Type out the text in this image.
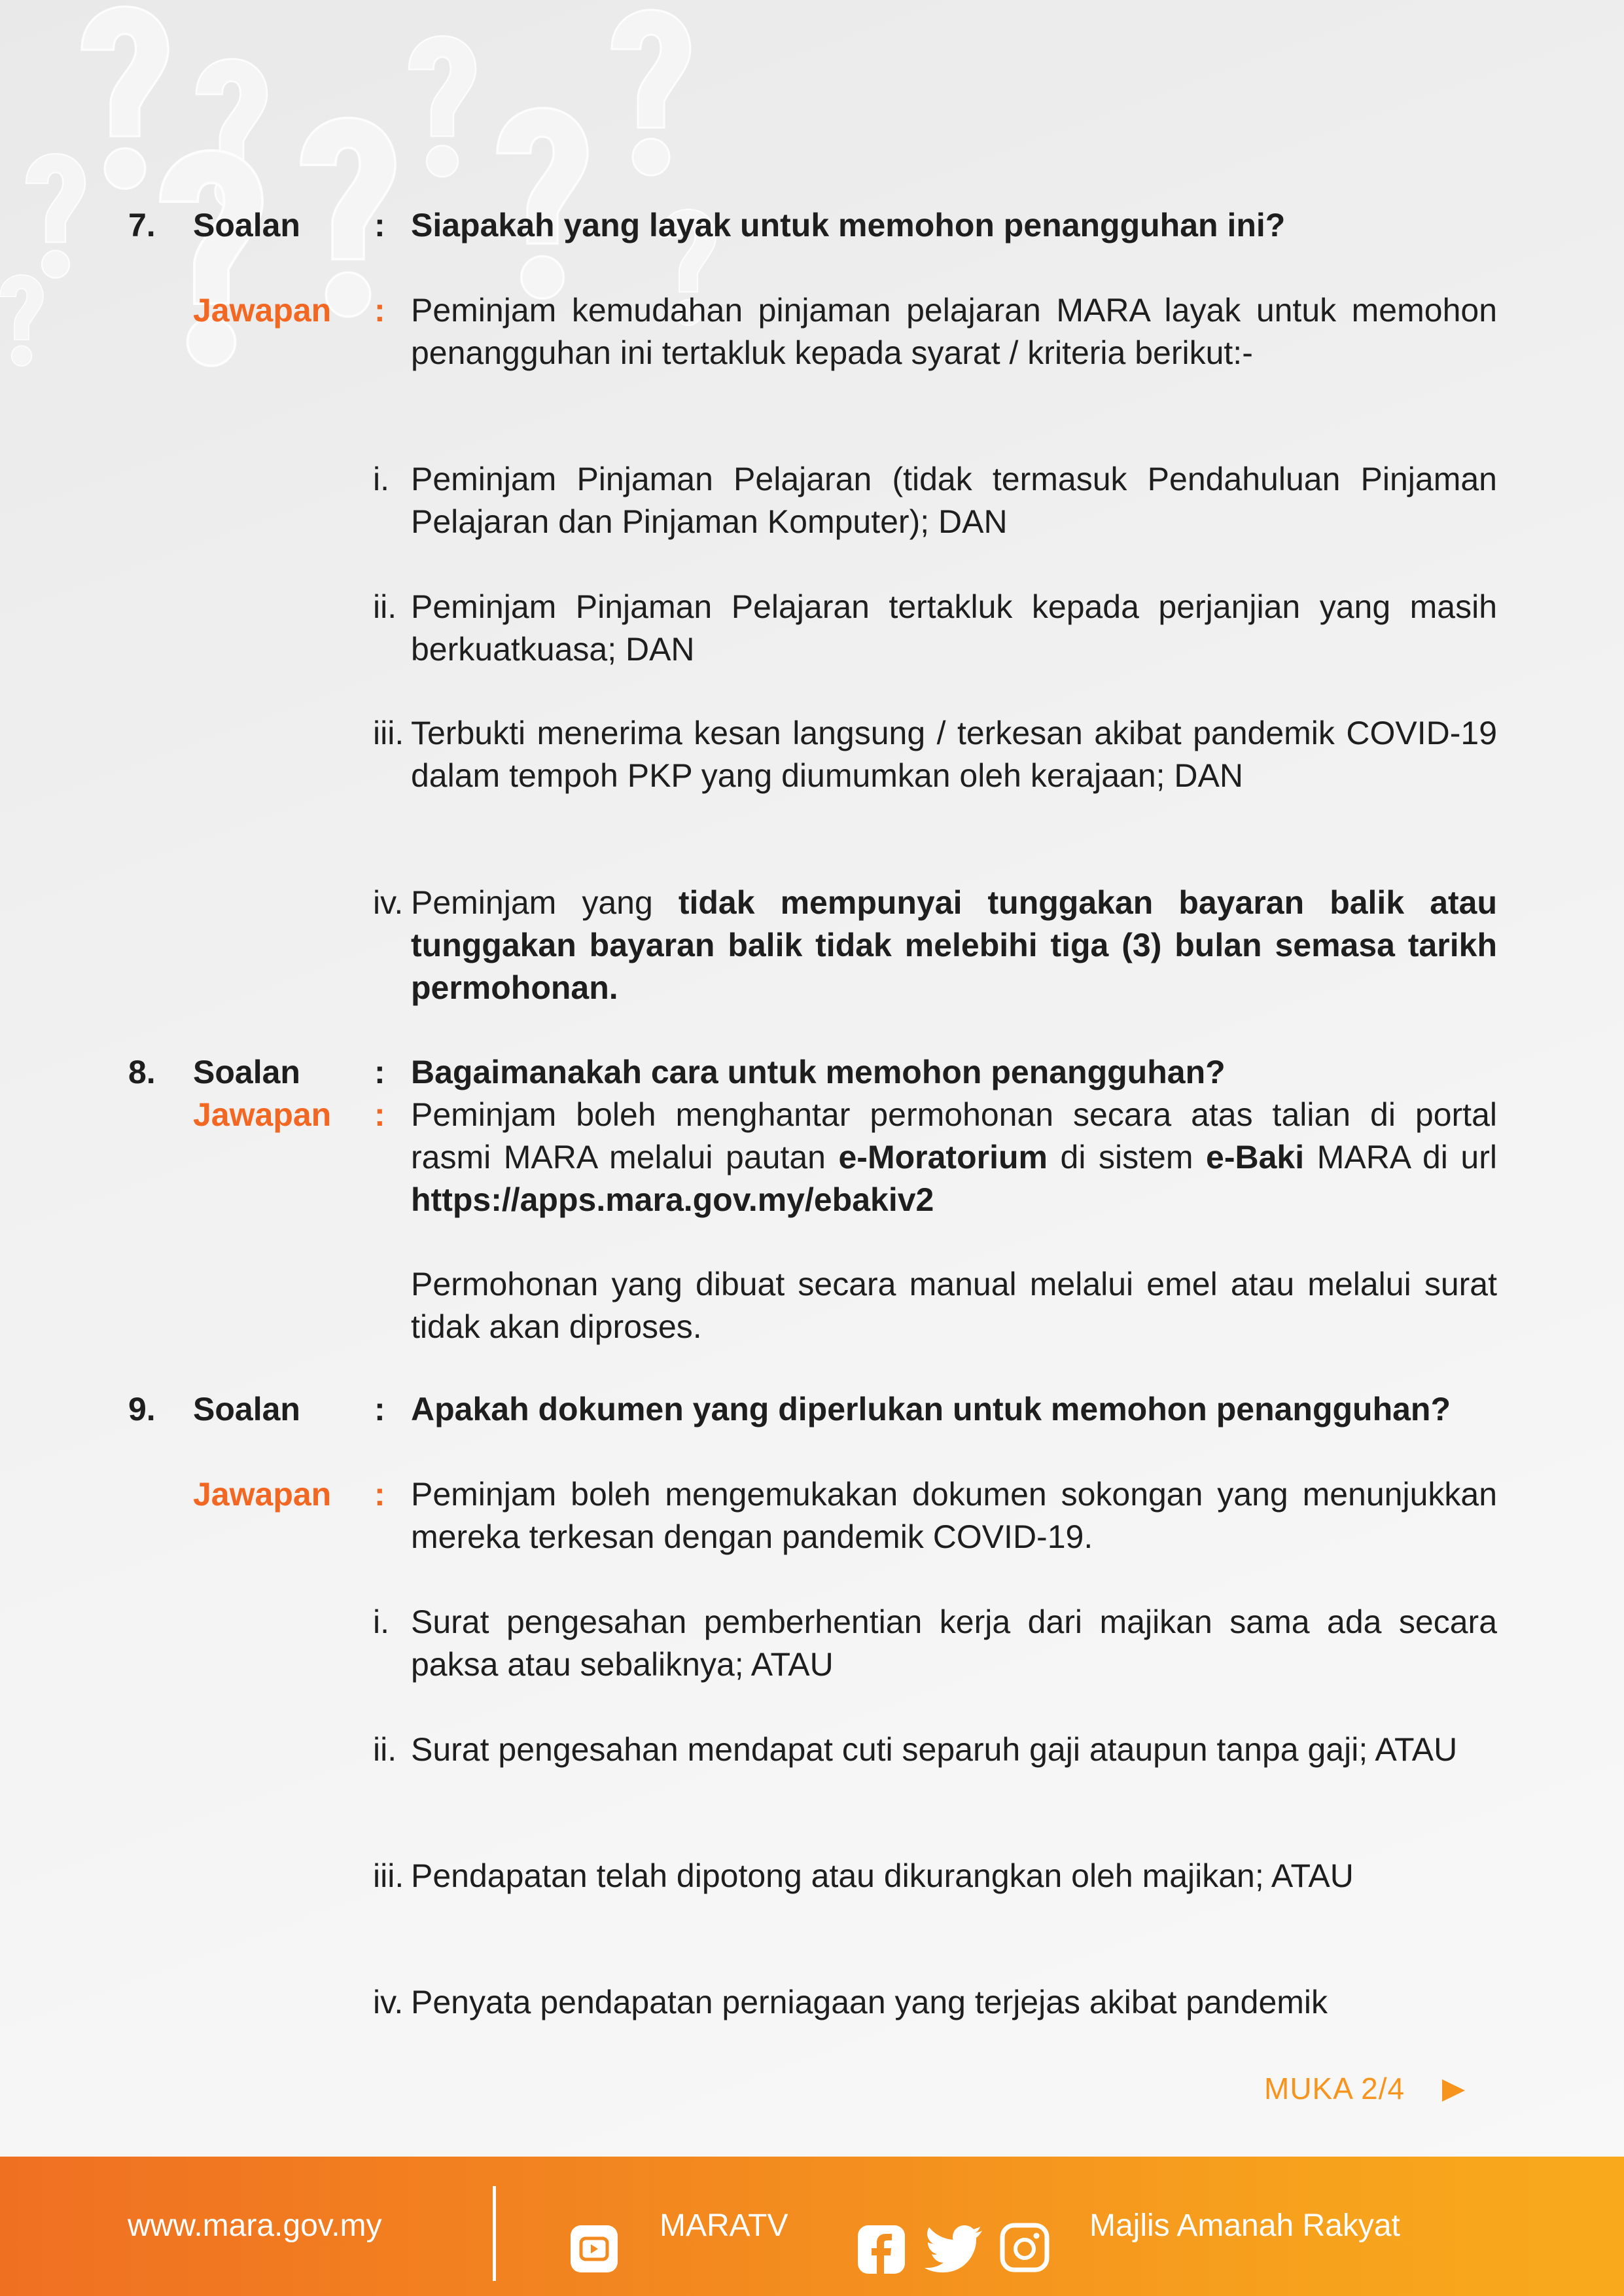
7. Soalan : Siapakah yang layak untuk memohon penangguhan ini?
Jawapan : Peminjam kemudahan pinjaman pelajaran MARA layak untuk memohon penangguhan ini tertakluk kepada syarat / kriteria berikut:-
i. Peminjam Pinjaman Pelajaran (tidak termasuk Pendahuluan Pinjaman Pelajaran dan Pinjaman Komputer); DAN
ii. Peminjam Pinjaman Pelajaran tertakluk kepada perjanjian yang masih berkuatkuasa; DAN
iii. Terbukti menerima kesan langsung / terkesan akibat pandemik COVID-19 dalam tempoh PKP yang diumumkan oleh kerajaan; DAN
iv. Peminjam yang tidak mempunyai tunggakan bayaran balik atau tunggakan bayaran balik tidak melebihi tiga (3) bulan semasa tarikh permohonan.
8. Soalan : Bagaimanakah cara untuk memohon penangguhan?
Jawapan : Peminjam boleh menghantar permohonan secara atas talian di portal rasmi MARA melalui pautan e-Moratorium di sistem e-Baki MARA di url https://apps.mara.gov.my/ebakiv2
Permohonan yang dibuat secara manual melalui emel atau melalui surat tidak akan diproses.
9. Soalan : Apakah dokumen yang diperlukan untuk memohon penangguhan?
Jawapan : Peminjam boleh mengemukakan dokumen sokongan yang menunjukkan mereka terkesan dengan pandemik COVID-19.
i. Surat pengesahan pemberhentian kerja dari majikan sama ada secara paksa atau sebaliknya; ATAU
ii. Surat pengesahan mendapat cuti separuh gaji ataupun tanpa gaji; ATAU
iii. Pendapatan telah dipotong atau dikurangkan oleh majikan; ATAU
iv. Penyata pendapatan perniagaan yang terjejas akibat pandemik
MUKA 2/4
www.mara.gov.my	MARATV	Majlis Amanah Rakyat
